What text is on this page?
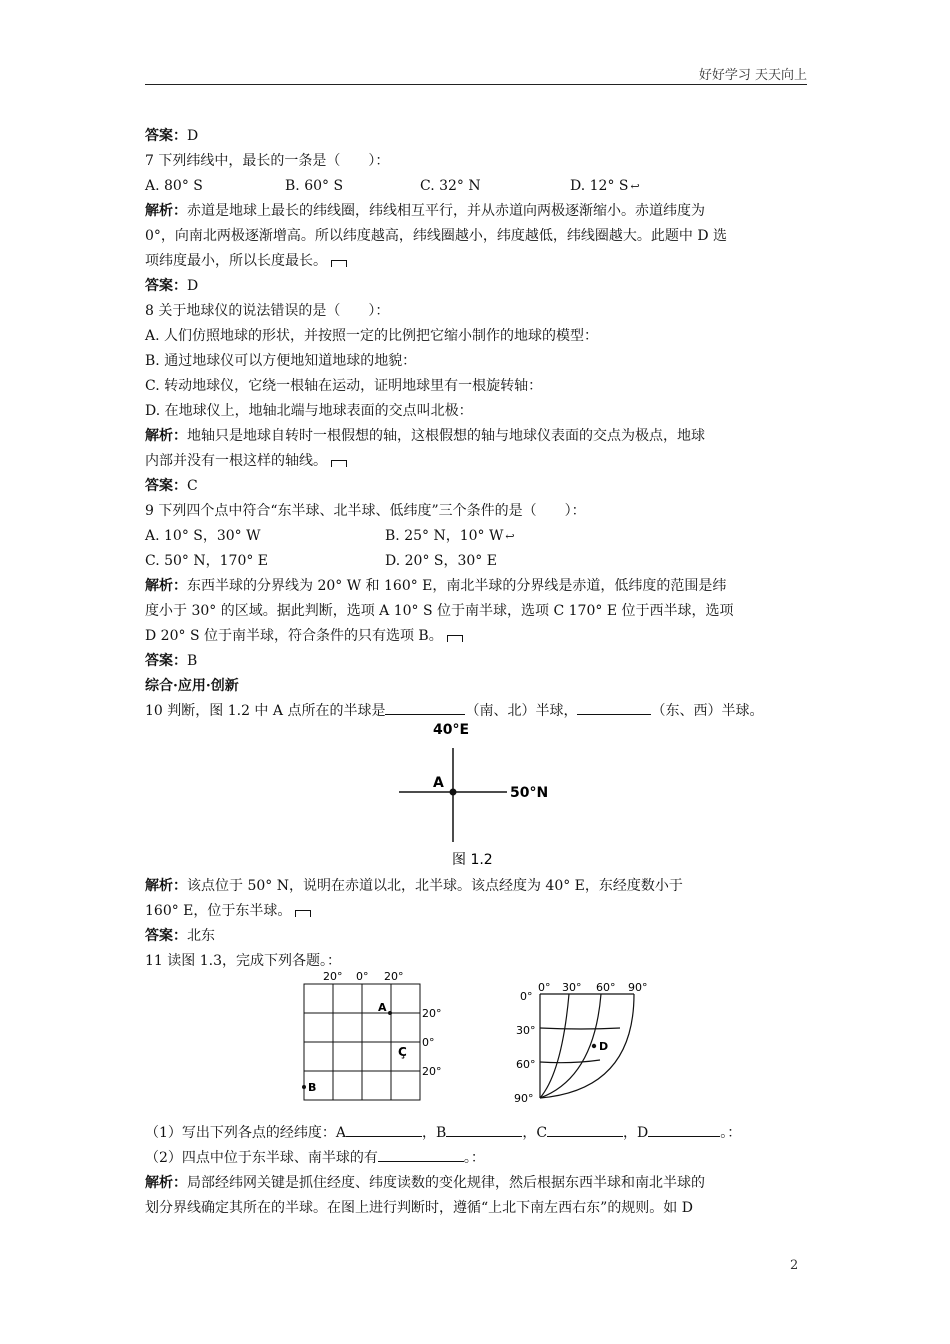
好好学习 天天向上
答案：D
7 下列纬线中，最长的一条是（　　）：
A. 80° S	B. 60° S	C. 32° N	D. 12° S ↩
解析：赤道是地球上最长的纬线圈，纬线相互平行，并从赤道向两极逐渐缩小。赤道纬度为
0°，向南北两极逐渐增高。所以纬度越高，纬线圈越小，纬度越低，纬线圈越大。此题中 D 选
项纬度最小，所以长度最长。
答案：D
8 关于地球仪的说法错误的是（　　）：
A. 人们仿照地球的形状，并按照一定的比例把它缩小制作的地球的模型：
B. 通过地球仪可以方便地知道地球的地貌：
C. 转动地球仪，它绕一根轴在运动，证明地球里有一根旋转轴：
D. 在地球仪上，地轴北端与地球表面的交点叫北极：
解析：地轴只是地球自转时一根假想的轴，这根假想的轴与地球仪表面的交点为极点，地球
内部并没有一根这样的轴线。
答案：C
9 下列四个点中符合“东半球、北半球、低纬度”三个条件的是（　　）：
A. 10° S，30° W	B. 25° N，10° W ↩
C. 50° N，170° E	D. 20° S，30° E
解析：东西半球的分界线为 20° W 和 160° E，南北半球的分界线是赤道，低纬度的范围是纬
度小于 30° 的区域。据此判断，选项 A 10° S 位于南半球，选项 C 170° E 位于西半球，选项
D 20° S 位于南半球，符合条件的只有选项 B。
答案：B
综合·应用·创新
10 判断，图 1.2 中 A 点所在的半球是	（南、北）半球，	（东、西）半球。
解析：该点位于 50° N，说明在赤道以北，北半球。该点经度为 40° E，东经度数小于
160° E，位于东半球。
答案：北东
11 读图 1.3，完成下列各题。：
（1）写出下列各点的经纬度：A	，B	，C	，D	。：
（2）四点中位于东半球、南半球的有	。：
解析：局部经纬网关键是抓住经度、纬度读数的变化规律，然后根据东西半球和南北半球的
划分界线确定其所在的半球。在图上进行判断时，遵循“上北下南左西右东”的规则。如 D
40°E
50°N
A
图 1.2
20° 0° 20°
20°
0°
20°
A
Ç
B
0°
0° 30° 60° 90°
30°
60°
90°
D
2
